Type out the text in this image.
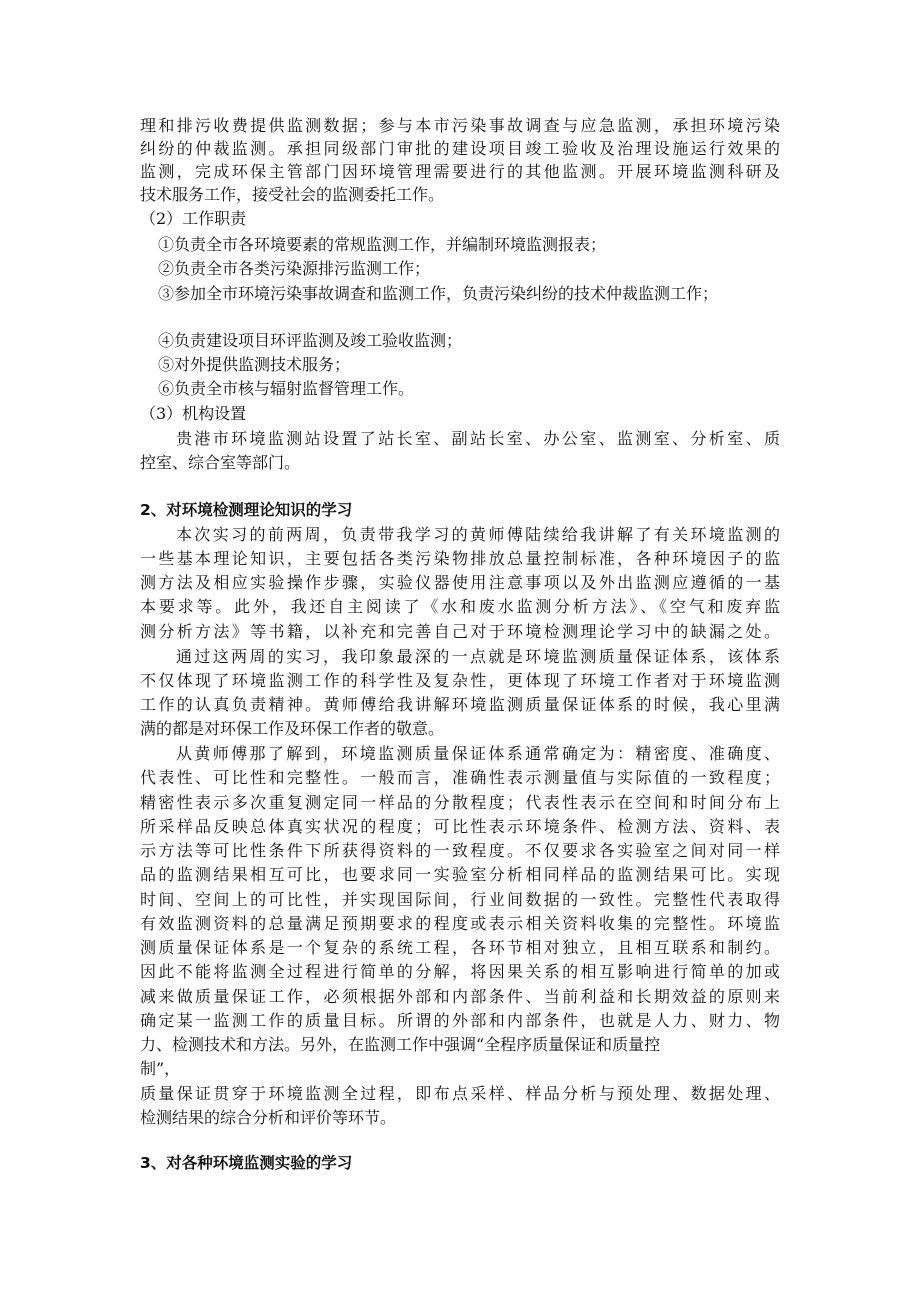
理和排污收费提供监测数据；参与本市污染事故调查与应急监测，承担环境污染
纠纷的仲裁监测。承担同级部门审批的建设项目竣工验收及治理设施运行效果的
监测，完成环保主管部门因环境管理需要进行的其他监测。开展环境监测科研及
技术服务工作，接受社会的监测委托工作。
（2）工作职责
①负责全市各环境要素的常规监测工作，并编制环境监测报表；
②负责全市各类污染源排污监测工作；
③参加全市环境污染事故调查和监测工作，负责污染纠纷的技术仲裁监测工作；
④负责建设项目环评监测及竣工验收监测；
⑤对外提供监测技术服务；
⑥负责全市核与辐射监督管理工作。
（3）机构设置
贵港市环境监测站设置了站长室、副站长室、办公室、监测室、分析室、质
控室、综合室等部门。
2、对环境检测理论知识的学习
本次实习的前两周，负责带我学习的黄师傅陆续给我讲解了有关环境监测的
一些基本理论知识，主要包括各类污染物排放总量控制标准，各种环境因子的监
测方法及相应实验操作步骤，实验仪器使用注意事项以及外出监测应遵循的一基
本要求等。此外，我还自主阅读了《水和废水监测分析方法》、《空气和废弃监
测分析方法》等书籍，以补充和完善自己对于环境检测理论学习中的缺漏之处。
通过这两周的实习，我印象最深的一点就是环境监测质量保证体系，该体系
不仅体现了环境监测工作的科学性及复杂性，更体现了环境工作者对于环境监测
工作的认真负责精神。黄师傅给我讲解环境监测质量保证体系的时候，我心里满
满的都是对环保工作及环保工作者的敬意。
从黄师傅那了解到，环境监测质量保证体系通常确定为：精密度、准确度、
代表性、可比性和完整性。一般而言，准确性表示测量值与实际值的一致程度；
精密性表示多次重复测定同一样品的分散程度；代表性表示在空间和时间分布上
所采样品反映总体真实状况的程度；可比性表示环境条件、检测方法、资料、表
示方法等可比性条件下所获得资料的一致程度。不仅要求各实验室之间对同一样
品的监测结果相互可比，也要求同一实验室分析相同样品的监测结果可比。实现
时间、空间上的可比性，并实现国际间，行业间数据的一致性。完整性代表取得
有效监测资料的总量满足预期要求的程度或表示相关资料收集的完整性。环境监
测质量保证体系是一个复杂的系统工程，各环节相对独立，且相互联系和制约。
因此不能将监测全过程进行简单的分解，将因果关系的相互影响进行简单的加或
减来做质量保证工作，必须根据外部和内部条件、当前利益和长期效益的原则来
确定某一监测工作的质量目标。所谓的外部和内部条件，也就是人力、财力、物
力、检测技术和方法。另外，在监测工作中强调“全程序质量保证和质量控
制”，
质量保证贯穿于环境监测全过程，即布点采样、样品分析与预处理、数据处理、
检测结果的综合分析和评价等环节。
3、对各种环境监测实验的学习
